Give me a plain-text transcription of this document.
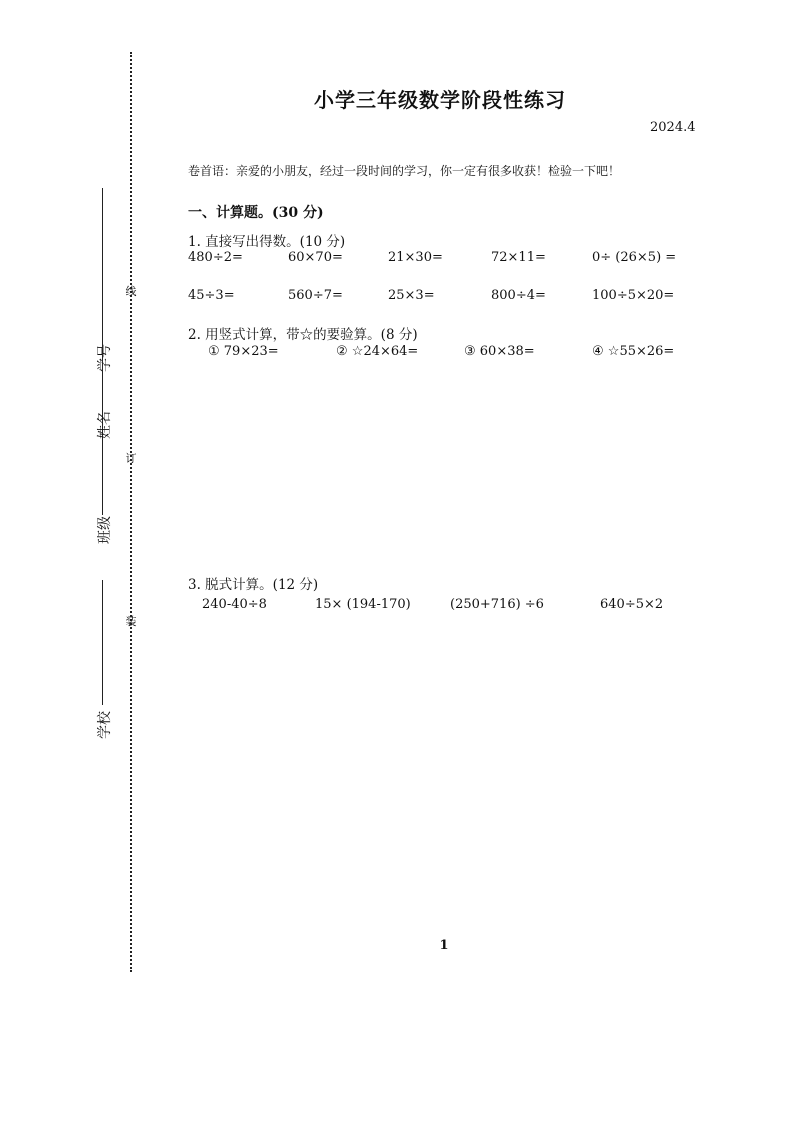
线
订
装
学号
姓名
班级
学校
小学三年级数学阶段性练习
2024.4
卷首语：亲爱的小朋友，经过一段时间的学习，你一定有很多收获！检验一下吧！
一、计算题。(30 分)
1. 直接写出得数。(10 分)
480÷2=	60×70=	21×30=	72×11=	0÷ (26×5) =
45÷3=	560÷7=	25×3=	800÷4=	100÷5×20=
2. 用竖式计算，带☆的要验算。(8 分)
① 79×23=	② ☆24×64=	③ 60×38=	④ ☆55×26=
3. 脱式计算。(12 分)
240-40÷8	15× (194-170)	(250+716) ÷6	640÷5×2
1
